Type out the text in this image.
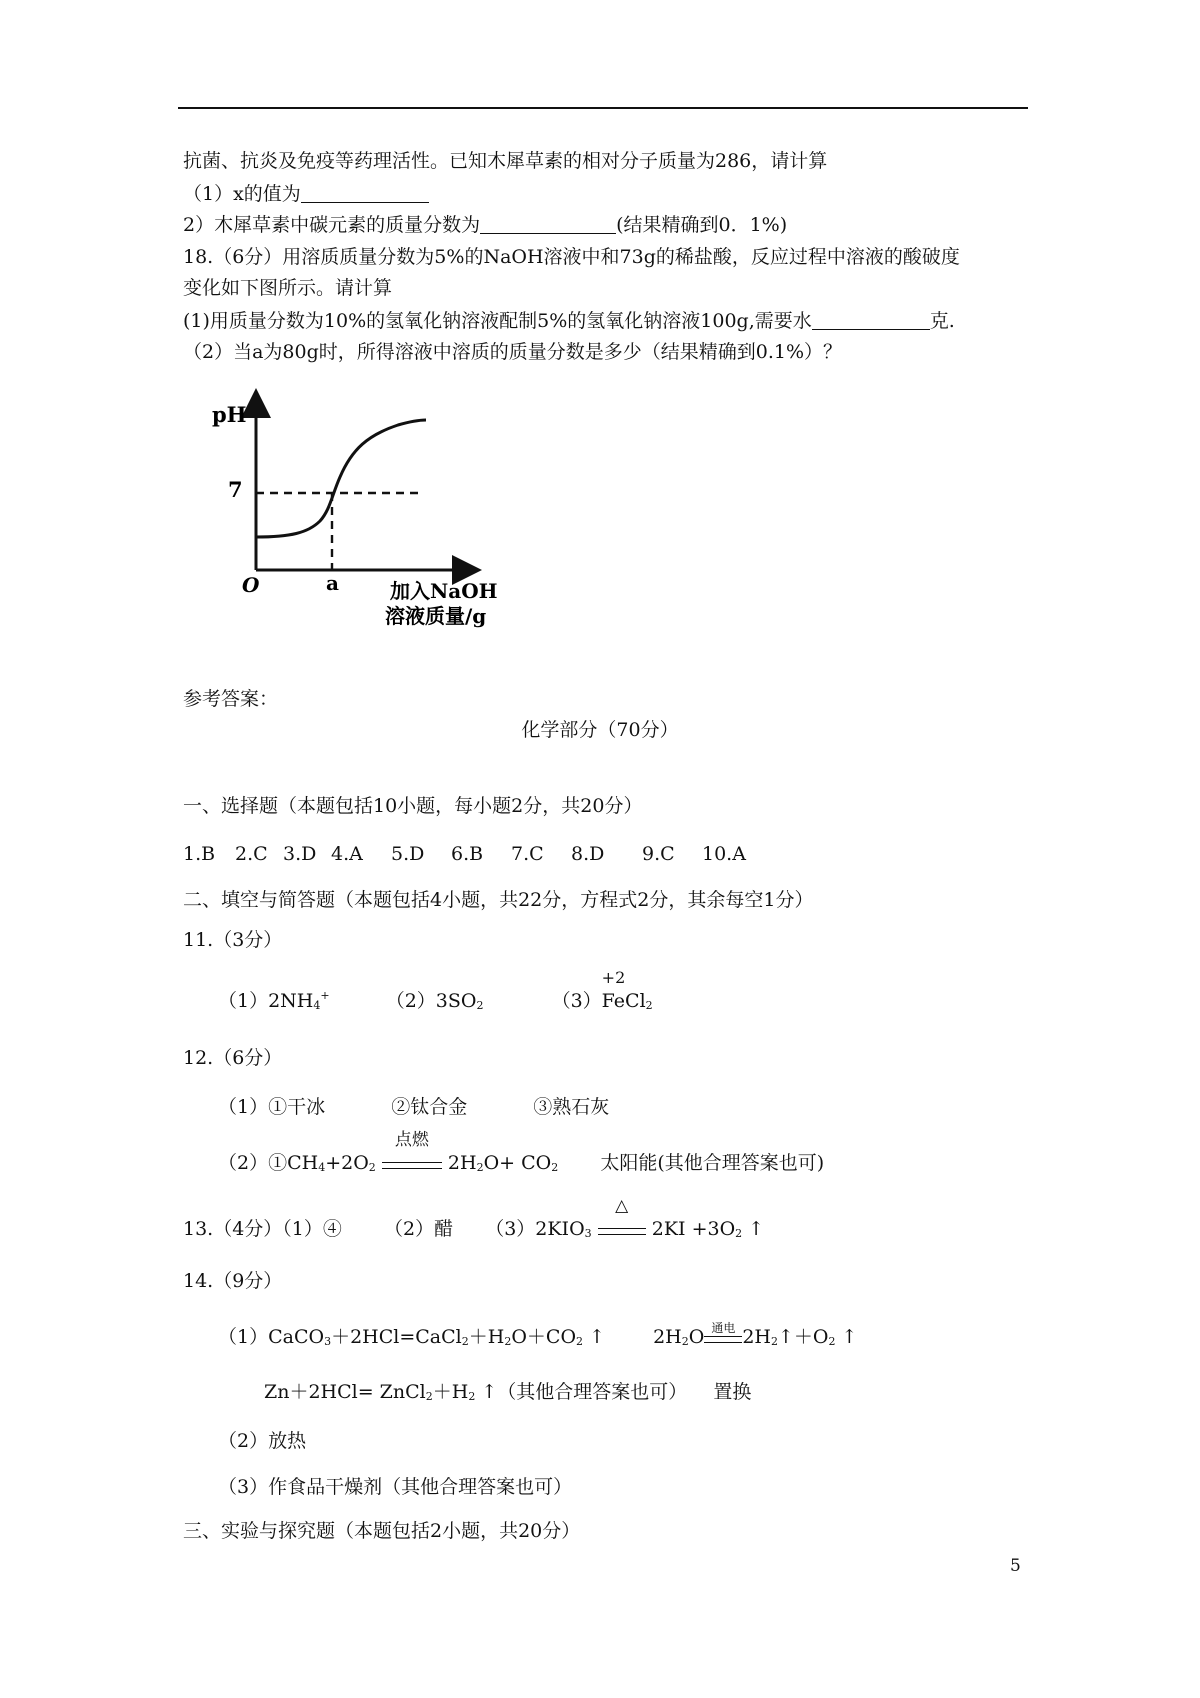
抗菌、抗炎及免疫等药理活性。已知木犀草素的相对分子质量为286，请计算
（1）x的值为
2）木犀草素中碳元素的质量分数为	(结果精确到0．1%)
18.（6分）用溶质质量分数为5%的NaOH溶液中和73g的稀盐酸，反应过程中溶液的酸破度
变化如下图所示。请计算
(1)用质量分数为10%的氢氧化钠溶液配制5%的氢氧化钠溶液100g,需要水	克.
（2）当a为80g时，所得溶液中溶质的质量分数是多少（结果精确到0.1%）？
pH
7
O	a	加入NaOH
溶液质量/g
参考答案：
化学部分（70分）
一、选择题（本题包括10小题，每小题2分，共20分）
1.B 2.C 3.D 4.A 5.D 6.B 7.C 8.D 9.C 10.A
二、填空与简答题（本题包括4小题，共22分，方程式2分，其余每空1分）
11.（3分）
$(1)2NH_4^+$	$(2)3SO_2$	（3）
+2
FeCl$_2$
12.（6分）
（1）①干冰	②钛合金	③熟石灰
$(2)①CH_4+2O_2$
点燃
$2H_2O+ CO_2$ 太阳能(其他合理答案也可)
13.（4分）（1）④ （2）醋 $(3)2KIO_3$
△
$2KI +3O_2$ ↑
14.（9分）
$(1)CaCO_3+2HCl=CaCl_2+H_2O+CO_2$ ↑	$2H_2O$ 通电 $2H_2↑+O_2$ ↑
$Zn+2HCl= ZnCl_2+H_2$ ↑（其他合理答案也可） 置换
（2）放热
（3）作食品干燥剂（其他合理答案也可）
三、实验与探究题（本题包括2小题，共20分）
5
